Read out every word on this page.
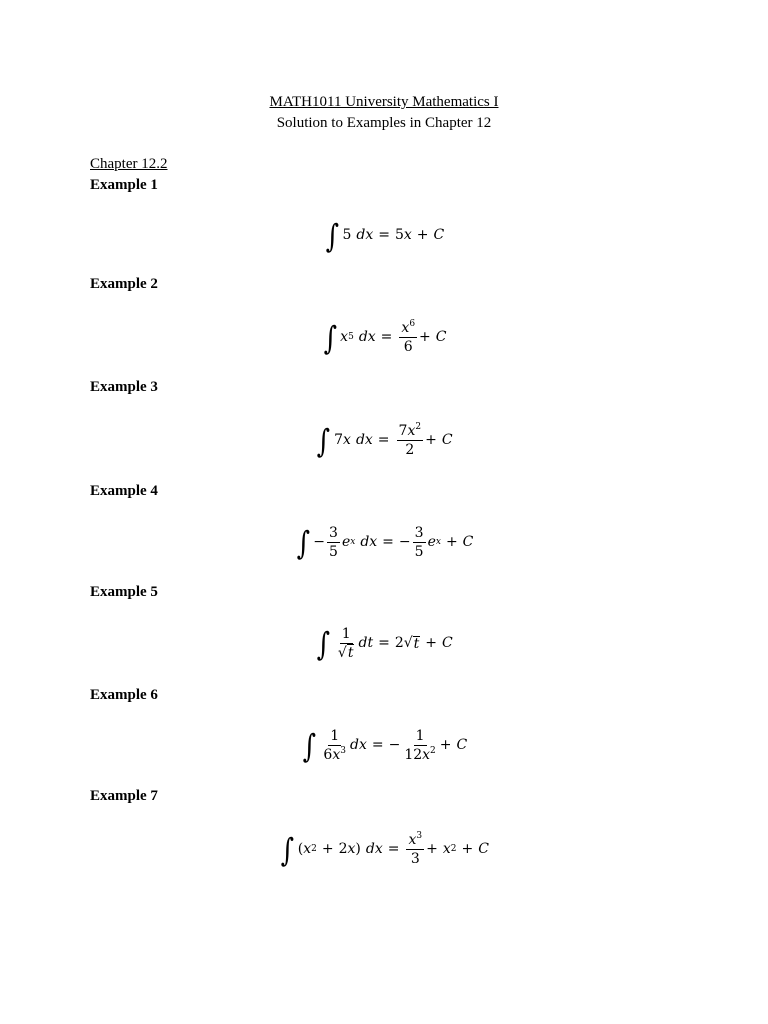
MATH1011 University Mathematics I
Solution to Examples in Chapter 12
Chapter 12.2
Example 1
∫ 5 dx = 5 x + C
Example 2
∫ x 5 dx = $\frac{x^6}{6} + C$
Example 3
∫ 7 x dx = $\frac{7x^2}{2} + C$
Example 4
∫ − $\frac{3}{5}$ e x dx = − $\frac{3}{5}$ e x + C
Example 5
∫ $\frac{1}{√t}$ dt = 2 √ t + C
Example 6
∫ $\frac{1}{6x^3}$ dx = − $\frac{1}{12x^2} + C$
Example 7
∫ ( x 2 + 2 x ) dx = $\frac{x^3}{3} + x$ 2 + C
